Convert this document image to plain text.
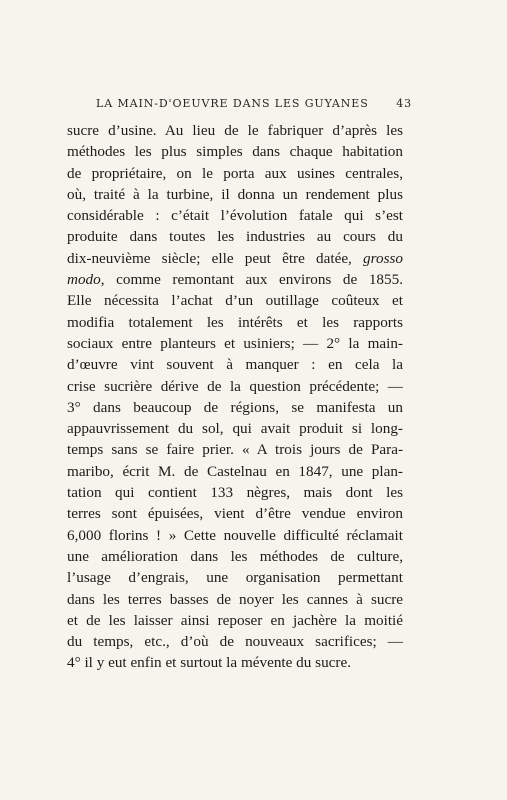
LA MAIN-D'OEUVRE DANS LES GUYANES	43
sucre d’usine. Au lieu de le fabriquer d’après les
méthodes les plus simples dans chaque habitation
de propriétaire, on le porta aux usines centrales,
où, traité à la turbine, il donna un rendement plus
considérable : c’était l’évolution fatale qui s’est
produite dans toutes les industries au cours du
dix-neuvième siècle; elle peut être datée, grosso
modo, comme remontant aux environs de 1855.
Elle nécessita l’achat d’un outillage coûteux et
modifia totalement les intérêts et les rapports
sociaux entre planteurs et usiniers; — 2° la main-
d’œuvre vint souvent à manquer : en cela la
crise sucrière dérive de la question précédente; —
3° dans beaucoup de régions, se manifesta un
appauvrissement du sol, qui avait produit si long-
temps sans se faire prier. « A trois jours de Para-
maribo, écrit M. de Castelnau en 1847, une plan-
tation qui contient 133 nègres, mais dont les
terres sont épuisées, vient d’être vendue environ
6,000 florins ! » Cette nouvelle difficulté réclamait
une amélioration dans les méthodes de culture,
l’usage d’engrais, une organisation permettant
dans les terres basses de noyer les cannes à sucre
et de les laisser ainsi reposer en jachère la moitié
du temps, etc., d’où de nouveaux sacrifices; —
4° il y eut enfin et surtout la mévente du sucre.
